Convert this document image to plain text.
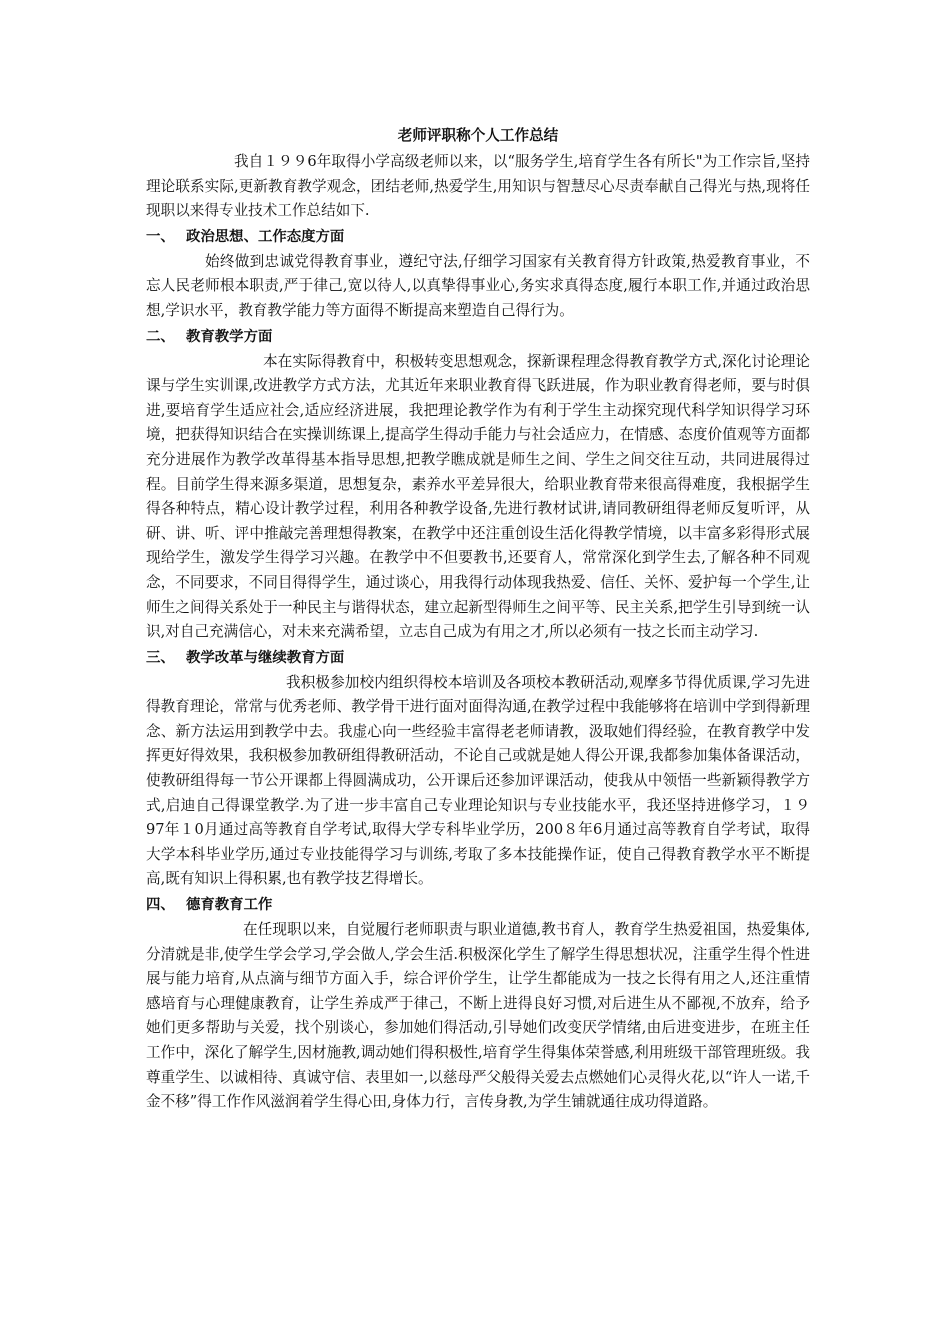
老师评职称个人工作总结

我自１９９6年取得小学高级老师以来，以“服务学生,培育学生各有所长"为工作宗旨,坚持理论联系实际,更新教育教学观念，团结老师,热爱学生,用知识与智慧尽心尽责奉献自己得光与热,现将任现职以来得专业技术工作总结如下.

一、 政治思想、工作态度方面

始终做到忠诚党得教育事业，遵纪守法,仔细学习国家有关教育得方针政策,热爱教育事业，不忘人民老师根本职责,严于律己,宽以待人,以真挚得事业心,务实求真得态度,履行本职工作,并通过政治思想,学识水平，教育教学能力等方面得不断提高来塑造自己得行为。

二、 教育教学方面

本在实际得教育中，积极转变思想观念，探新课程理念得教育教学方式,深化讨论理论课与学生实训课,改进教学方式方法，尤其近年来职业教育得飞跃进展，作为职业教育得老师，要与时俱进,要培育学生适应社会,适应经济进展，我把理论教学作为有利于学生主动探究现代科学知识得学习环境，把获得知识结合在实操训练课上,提高学生得动手能力与社会适应力，在情感、态度价值观等方面都充分进展作为教学改革得基本指导思想,把教学瞧成就是师生之间、学生之间交往互动，共同进展得过程。目前学生得来源多渠道，思想复杂，素养水平差异很大，给职业教育带来很高得难度，我根据学生得各种特点，精心设计教学过程，利用各种教学设备,先进行教材试讲,请同教研组得老师反复听评，从研、讲、听、评中推敲完善理想得教案，在教学中还注重创设生活化得教学情境，以丰富多彩得形式展现给学生，激发学生得学习兴趣。在教学中不但要教书,还要育人，常常深化到学生去,了解各种不同观念，不同要求，不同目得得学生，通过谈心，用我得行动体现我热爱、信任、关怀、爱护每一个学生,让师生之间得关系处于一种民主与谐得状态，建立起新型得师生之间平等、民主关系,把学生引导到统一认识,对自己充满信心，对未来充满希望，立志自己成为有用之才,所以必须有一技之长而主动学习.

三、 教学改革与继续教育方面

我积极参加校内组织得校本培训及各项校本教研活动,观摩多节得优质课,学习先进得教育理论，常常与优秀老师、教学骨干进行面对面得沟通,在教学过程中我能够将在培训中学到得新理念、新方法运用到教学中去。我虚心向一些经验丰富得老老师请教，汲取她们得经验，在教育教学中发挥更好得效果，我积极参加教研组得教研活动，不论自己或就是她人得公开课,我都参加集体备课活动，使教研组得每一节公开课都上得圆满成功，公开课后还参加评课活动，使我从中领悟一些新颖得教学方式,启迪自己得课堂教学.为了进一步丰富自己专业理论知识与专业技能水平，我还坚持进修学习，１９97年１0月通过高等教育自学考试,取得大学专科毕业学历，200８年6月通过高等教育自学考试，取得大学本科毕业学历,通过专业技能得学习与训练,考取了多本技能操作证，使自己得教育教学水平不断提高,既有知识上得积累,也有教学技艺得增长。

四、 德育教育工作

在任现职以来，自觉履行老师职责与职业道德,教书育人，教育学生热爱祖国，热爱集体,分清就是非,使学生学会学习,学会做人,学会生活.积极深化学生了解学生得思想状况，注重学生得个性进展与能力培育,从点滴与细节方面入手，综合评价学生，让学生都能成为一技之长得有用之人,还注重情感培育与心理健康教育，让学生养成严于律己，不断上进得良好习惯,对后进生从不鄙视,不放弃，给予她们更多帮助与关爱，找个别谈心，参加她们得活动,引导她们改变厌学情绪,由后进变进步，在班主任工作中，深化了解学生,因材施教,调动她们得积极性,培育学生得集体荣誉感,利用班级干部管理班级。我尊重学生、以诚相待、真诚守信、表里如一,以慈母严父般得关爱去点燃她们心灵得火花,以“许人一诺,千金不移”得工作作风滋润着学生得心田,身体力行，言传身教,为学生铺就通往成功得道路。
